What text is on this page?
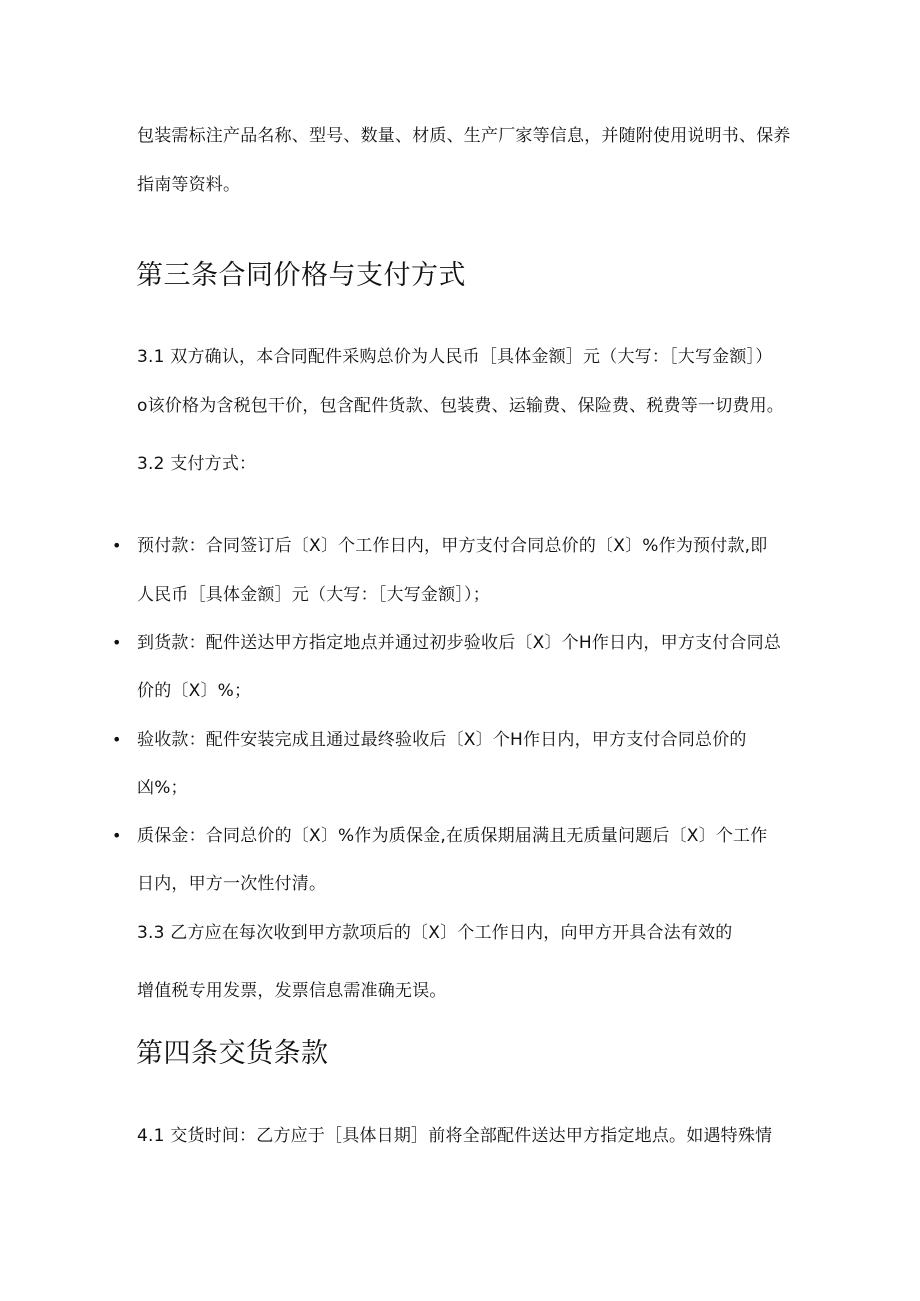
包装需标注产品名称、型号、数量、材质、生产厂家等信息，并随附使用说明书、保养
指南等资料。
第三条合同价格与支付方式
3.1 双方确认，本合同配件采购总价为人民币［具体金额］元（大写：［大写金额］）
o该价格为含税包干价，包含配件货款、包装费、运输费、保险费、税费等一切费用。
3.2 支付方式：
• 预付款：合同签订后〔X〕个工作日内，甲方支付合同总价的〔X〕%作为预付款,即
人民币［具体金额］元（大写：［大写金额］）；
• 到货款：配件送达甲方指定地点并通过初步验收后〔X〕个H作日内，甲方支付合同总
价的〔X〕%；
• 验收款：配件安装完成且通过最终验收后〔X〕个H作日内，甲方支付合同总价的
凶%；
• 质保金：合同总价的〔X〕%作为质保金,在质保期届满且无质量问题后〔X〕个工作
日内，甲方一次性付清。
3.3 乙方应在每次收到甲方款项后的〔X〕个工作日内，向甲方开具合法有效的
增值税专用发票，发票信息需准确无误。
第四条交货条款
4.1 交货时间：乙方应于［具体日期］前将全部配件送达甲方指定地点。如遇特殊情
